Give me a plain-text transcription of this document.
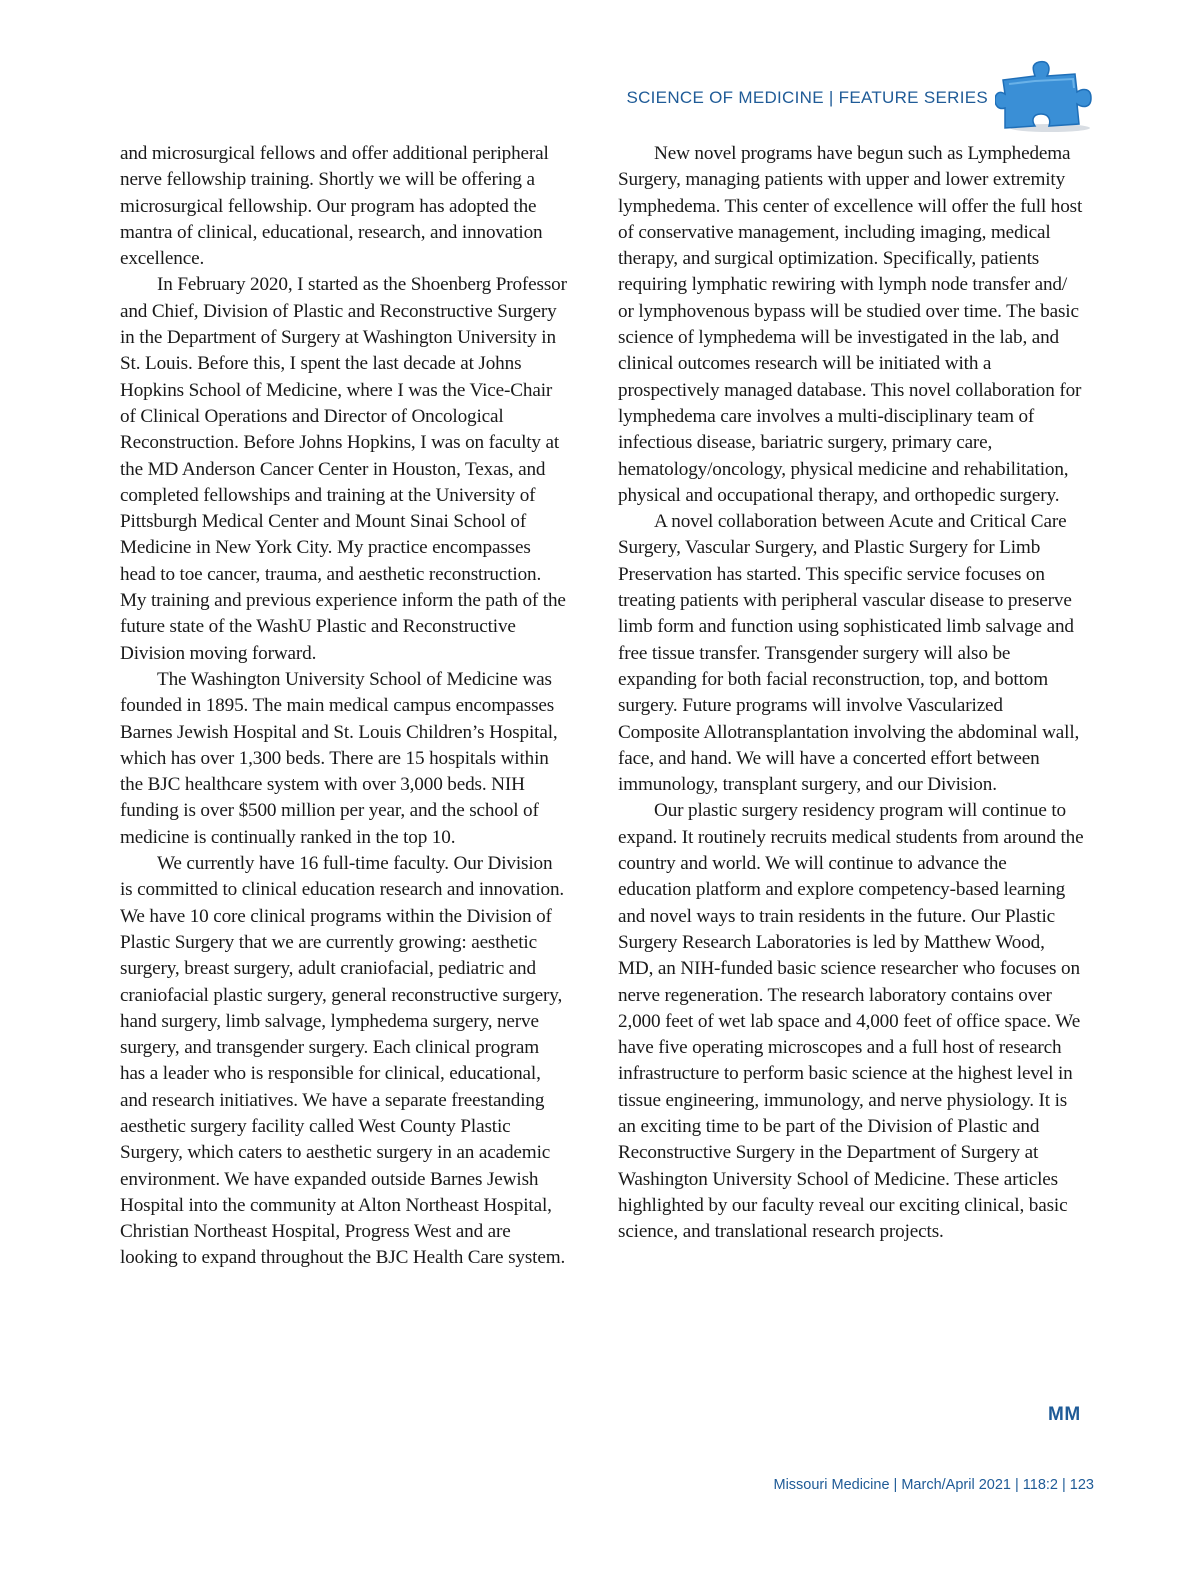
SCIENCE OF MEDICINE | FEATURE SERIES

and microsurgical fellows and offer additional peripheral nerve fellowship training. Shortly we will be offering a microsurgical fellowship. Our program has adopted the mantra of clinical, educational, research, and innovation excellence.

In February 2020, I started as the Shoenberg Professor and Chief, Division of Plastic and Reconstructive Surgery in the Department of Surgery at Washington University in St. Louis. Before this, I spent the last decade at Johns Hopkins School of Medicine, where I was the Vice-Chair of Clinical Operations and Director of Oncological Reconstruction. Before Johns Hopkins, I was on faculty at the MD Anderson Cancer Center in Houston, Texas, and completed fellowships and training at the University of Pittsburgh Medical Center and Mount Sinai School of Medicine in New York City. My practice encompasses head to toe cancer, trauma, and aesthetic reconstruction. My training and previous experience inform the path of the future state of the WashU Plastic and Reconstructive Division moving forward.

The Washington University School of Medicine was founded in 1895. The main medical campus encompasses Barnes Jewish Hospital and St. Louis Children’s Hospital, which has over 1,300 beds. There are 15 hospitals within the BJC healthcare system with over 3,000 beds. NIH funding is over $500 million per year, and the school of medicine is continually ranked in the top 10.

We currently have 16 full-time faculty. Our Division is committed to clinical education research and innovation. We have 10 core clinical programs within the Division of Plastic Surgery that we are currently growing: aesthetic surgery, breast surgery, adult craniofacial, pediatric and craniofacial plastic surgery, general reconstructive surgery, hand surgery, limb salvage, lymphedema surgery, nerve surgery, and transgender surgery. Each clinical program has a leader who is responsible for clinical, educational, and research initiatives. We have a separate freestanding aesthetic surgery facility called West County Plastic Surgery, which caters to aesthetic surgery in an academic environment. We have expanded outside Barnes Jewish Hospital into the community at Alton Northeast Hospital, Christian Northeast Hospital, Progress West and are looking to expand throughout the BJC Health Care system.

New novel programs have begun such as Lymphedema Surgery, managing patients with upper and lower extremity lymphedema. This center of excellence will offer the full host of conservative management, including imaging, medical therapy, and surgical optimization. Specifically, patients requiring lymphatic rewiring with lymph node transfer and/ or lymphovenous bypass will be studied over time. The basic science of lymphedema will be investigated in the lab, and clinical outcomes research will be initiated with a prospectively managed database. This novel collaboration for lymphedema care involves a multi-disciplinary team of infectious disease, bariatric surgery, primary care, hematology/oncology, physical medicine and rehabilitation, physical and occupational therapy, and orthopedic surgery.

A novel collaboration between Acute and Critical Care Surgery, Vascular Surgery, and Plastic Surgery for Limb Preservation has started. This specific service focuses on treating patients with peripheral vascular disease to preserve limb form and function using sophisticated limb salvage and free tissue transfer. Transgender surgery will also be expanding for both facial reconstruction, top, and bottom surgery. Future programs will involve Vascularized Composite Allotransplantation involving the abdominal wall, face, and hand. We will have a concerted effort between immunology, transplant surgery, and our Division.

Our plastic surgery residency program will continue to expand. It routinely recruits medical students from around the country and world. We will continue to advance the education platform and explore competency-based learning and novel ways to train residents in the future. Our Plastic Surgery Research Laboratories is led by Matthew Wood, MD, an NIH-funded basic science researcher who focuses on nerve regeneration. The research laboratory contains over 2,000 feet of wet lab space and 4,000 feet of office space. We have five operating microscopes and a full host of research infrastructure to perform basic science at the highest level in tissue engineering, immunology, and nerve physiology. It is an exciting time to be part of the Division of Plastic and Reconstructive Surgery in the Department of Surgery at Washington University School of Medicine. These articles highlighted by our faculty reveal our exciting clinical, basic science, and translational research projects.

MM
Missouri Medicine | March/April 2021 | 118:2 | 123
